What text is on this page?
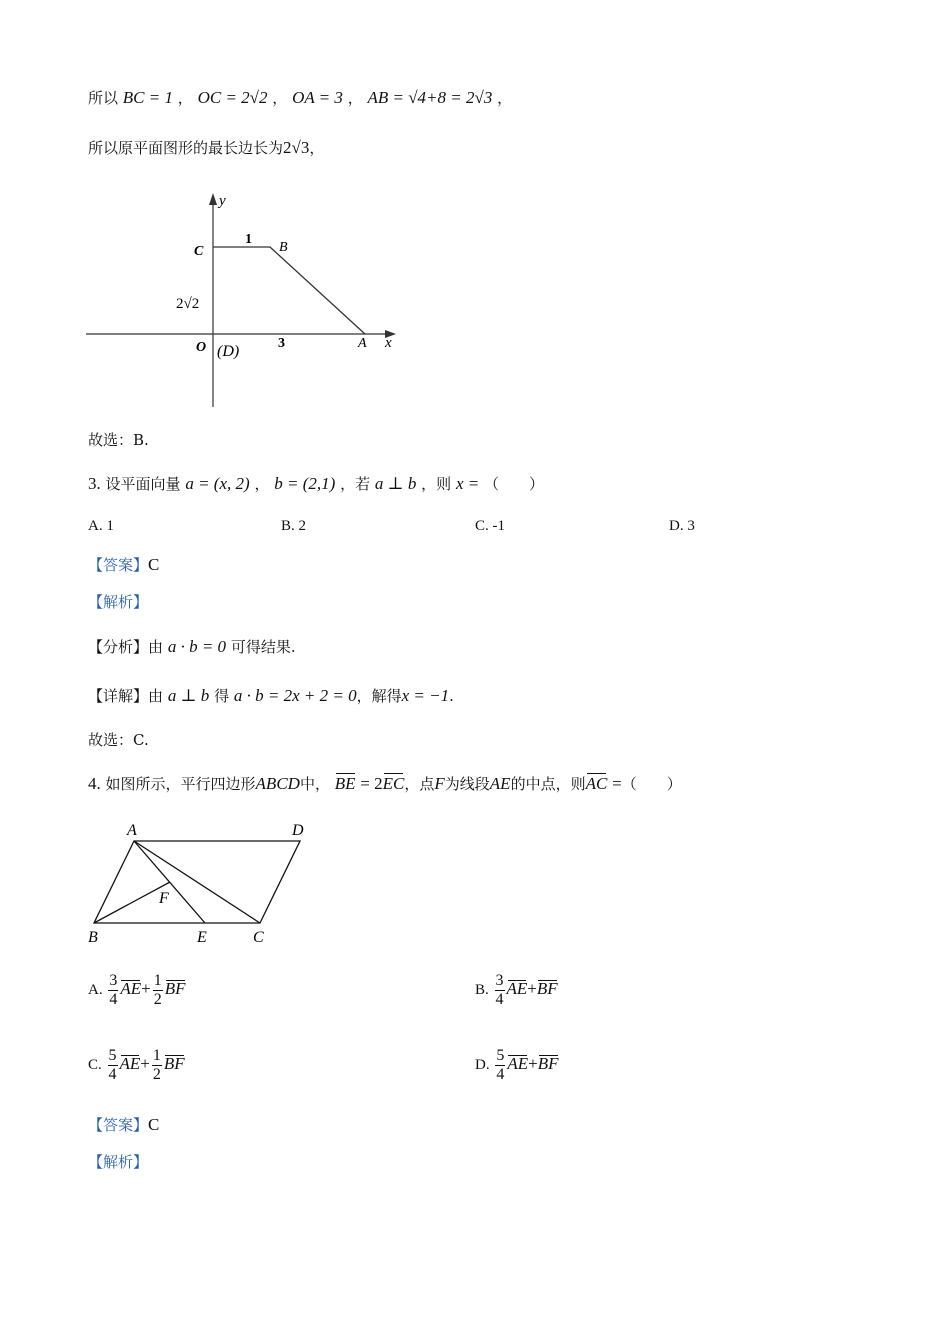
所以 BC = 1 ， OC = 2√2 ， OA = 3 ， AB = √4+8 = 2√3 ，
所以原平面图形的最长边长为2√3，
y
C
1
B
2√2
O (D)	3	A x
故选：B.
3. 设平面向量 a = (x, 2) ， b = (2,1) ，若 a ⊥ b ，则 x = （　　）
A. 1	B. 2	C. -1	D. 3
【答案】C
【解析】
【分析】由 a · b = 0 可得结果.
【详解】由 a ⊥ b 得 a · b = 2x + 2 = 0，解得x = −1.
故选：C.
4. 如图所示，平行四边形ABCD中， BE = 2EC，点F为线段AE的中点，则AC =（　　）
A	D
F
B	E	C
A. $\frac{3}{4} AE+ \frac{1}{2}$ BF	B. $\frac{3}{4} AE+BF$
C. $\frac{5}{4} AE+ \frac{1}{2}$ BF	D. $\frac{5}{4} AE+BF$
【答案】C
【解析】
